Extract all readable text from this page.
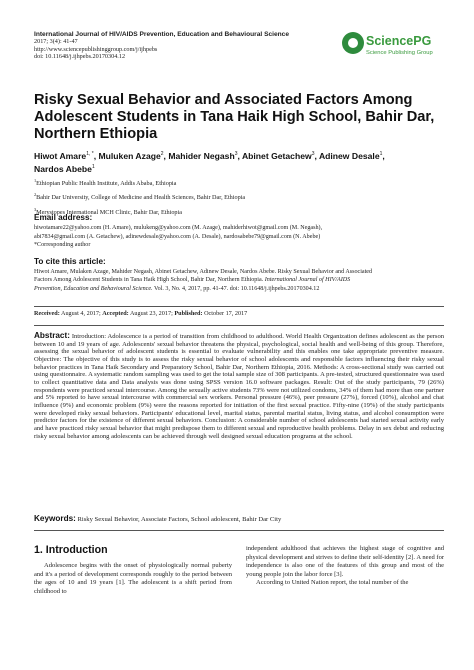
International Journal of HIV/AIDS Prevention, Education and Behavioural Science
2017; 3(4): 41-47
http://www.sciencepublishinggroup.com/j/ijhpebs
doi: 10.11648/j.ijhpebs.20170304.12
SciencePG
Science Publishing Group
Risky Sexual Behavior and Associated Factors Among Adolescent Students in Tana Haik High School, Bahir Dar, Northern Ethiopia
Hiwot Amare$^{1, *}$, Muluken Azage$^2$, Mahider Negash$^3$, Abinet Getachew$^3$, Adinew Desale$^1$,
Nardos Abebe$^1$

$^1$Ethiopian Public Health Institute, Addis Ababa, Ethiopia

$^2$Bahir Dar University, College of Medicine and Health Sciences, Bahir Dar, Ethiopia

$^3$Merystopes International MCH Clinic, Bahir Dar, Ethiopia

Email address:
hiwotamare22@yahoo.com (H. Amare), mulukeng@yahoo.com (M. Azage), mahiderhiwot@gmail.com (M. Negash),
abi7834@gmail.com (A. Getachew), adinewdesale@yahoo.com (A. Desale), nardosabebe79@gmail.com (N. Abebe)
*Corresponding author
To cite this article:
Hiwot Amare, Mulaken Azage, Mahider Negash, Abinet Getachew, Adinew Desale, Nardos Abebe. Risky Sexual Behavior and Associated
Factors Among Adolescent Students in Tana Haik High School, Bahir Dar, Northern Ethiopia. International Journal of HIV/AIDS
Prevention, Education and Behavioural Science. Vol. 3, No. 4, 2017, pp. 41-47. doi: 10.11648/j.ijhpebs.20170304.12
Received: August 4, 2017; Accepted: August 23, 2017; Published: October 17, 2017
Abstract: Introduction: Adolescence is a period of transition from childhood to adulthood. World Health Organization defines adolescent as the person between 10 and 19 years of age. Adolescents' sexual behavior threatens the physical, psychological, social health and well-being of this group. Therefore, assessing the sexual behavior of adolescent students is essential to evaluate vulnerability and this enables one take appropriate preventive measure. Objective: The objective of this study is to assess the risky sexual behavior of school adolescents and responsible factors influencing their risky sexual behavior practices in Tana Haik Secondary and Preparatory School, Bahir Dar, Northern Ethiopia, 2016. Methods: A cross-sectional study was carried out using questionnaire. A systematic random sampling was used to get the total sample size of 308 participants. A pre-tested, structured questionnaire was used to collect quantitative data and Data analysis was done using SPSS version 16.0 software packages. Result: Out of the study participants, 79 (26%) respondents were practiced sexual intercourse. Among the sexually active students 73% were not utilized condoms, 34% of them had more than one partner and 5% reported to have sexual intercourse with commercial sex workers. Personal pressure (46%), peer pressure (27%), forced (10%), alcohol and chat influence (9%) and economic problem (9%) were the reasons reported for initiation of the first sexual practice. Fifty-nine (19%) of the study participants were developed risky sexual behaviors. Participants' educational level, marital status, parental marital status, living status, and alcohol consumption were predictor factors for the existence of different sexual behaviors. Conclusion: A considerable number of school adolescents had started sexual activity early and have practiced risky sexual behavior that might predispose them to different sexual and reproductive health problems. Delay in sex debut and reducing risky sexual behavior among adolescents can be achieved through well designed sexual education programs at the school.
Keywords: Risky Sexual Behavior, Associate Factors, School adolescent, Bahir Dar City
1. Introduction

Adolescence begins with the onset of physiologically normal puberty and it's a period of development corresponds roughly to the period between the ages of 10 and 19 years [1]. The adolescent is a shift period from childhood to

independent adulthood that achieves the highest stage of cognitive and physical development and strives to define their self-identity [2]. A need for independence is also one of the features of this group and most of the young people join the labor force [3].

According to United Nation report, the total number of the
